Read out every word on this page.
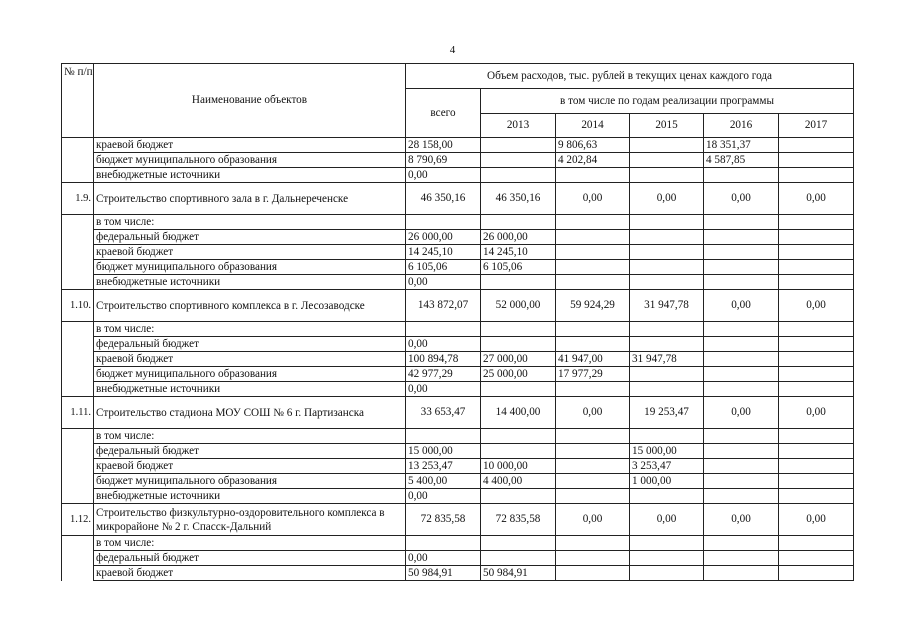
4
№ п/п	Наименование объектов	Объем расходов, тыс. рублей в текущих ценах каждого года					
		всего	в том числе по годам реализации программы				
			2013	2014	2015	2016	2017
	краевой бюджет	28 158,00		9 806,63		18 351,37	
	бюджет муниципального образования	8 790,69		4 202,84		4 587,85	
	внебюджетные источники	0,00					
1.9.	Строительство спортивного зала в г. Дальнереченске	46 350,16	46 350,16	0,00	0,00	0,00	0,00
	в том числе:						
	федеральный бюджет	26 000,00	26 000,00				
	краевой бюджет	14 245,10	14 245,10				
	бюджет муниципального образования	6 105,06	6 105,06				
	внебюджетные источники	0,00					
1.10.	Строительство спортивного комплекса в г. Лесозаводске	143 872,07	52 000,00	59 924,29	31 947,78	0,00	0,00
	в том числе:						
	федеральный бюджет	0,00					
	краевой бюджет	100 894,78	27 000,00	41 947,00	31 947,78		
	бюджет муниципального образования	42 977,29	25 000,00	17 977,29			
	внебюджетные источники	0,00					
1.11.	Строительство стадиона МОУ СОШ № 6 г. Партизанска	33 653,47	14 400,00	0,00	19 253,47	0,00	0,00
	в том числе:						
	федеральный бюджет	15 000,00			15 000,00		
	краевой бюджет	13 253,47	10 000,00		3 253,47		
	бюджет муниципального образования	5 400,00	4 400,00		1 000,00		
	внебюджетные источники	0,00					
1.12.	Строительство физкультурно-оздоровительного комплекса в микрорайоне № 2 г. Спасск-Дальний	72 835,58	72 835,58	0,00	0,00	0,00	0,00
	в том числе:						
	федеральный бюджет	0,00					
	краевой бюджет	50 984,91	50 984,91				
